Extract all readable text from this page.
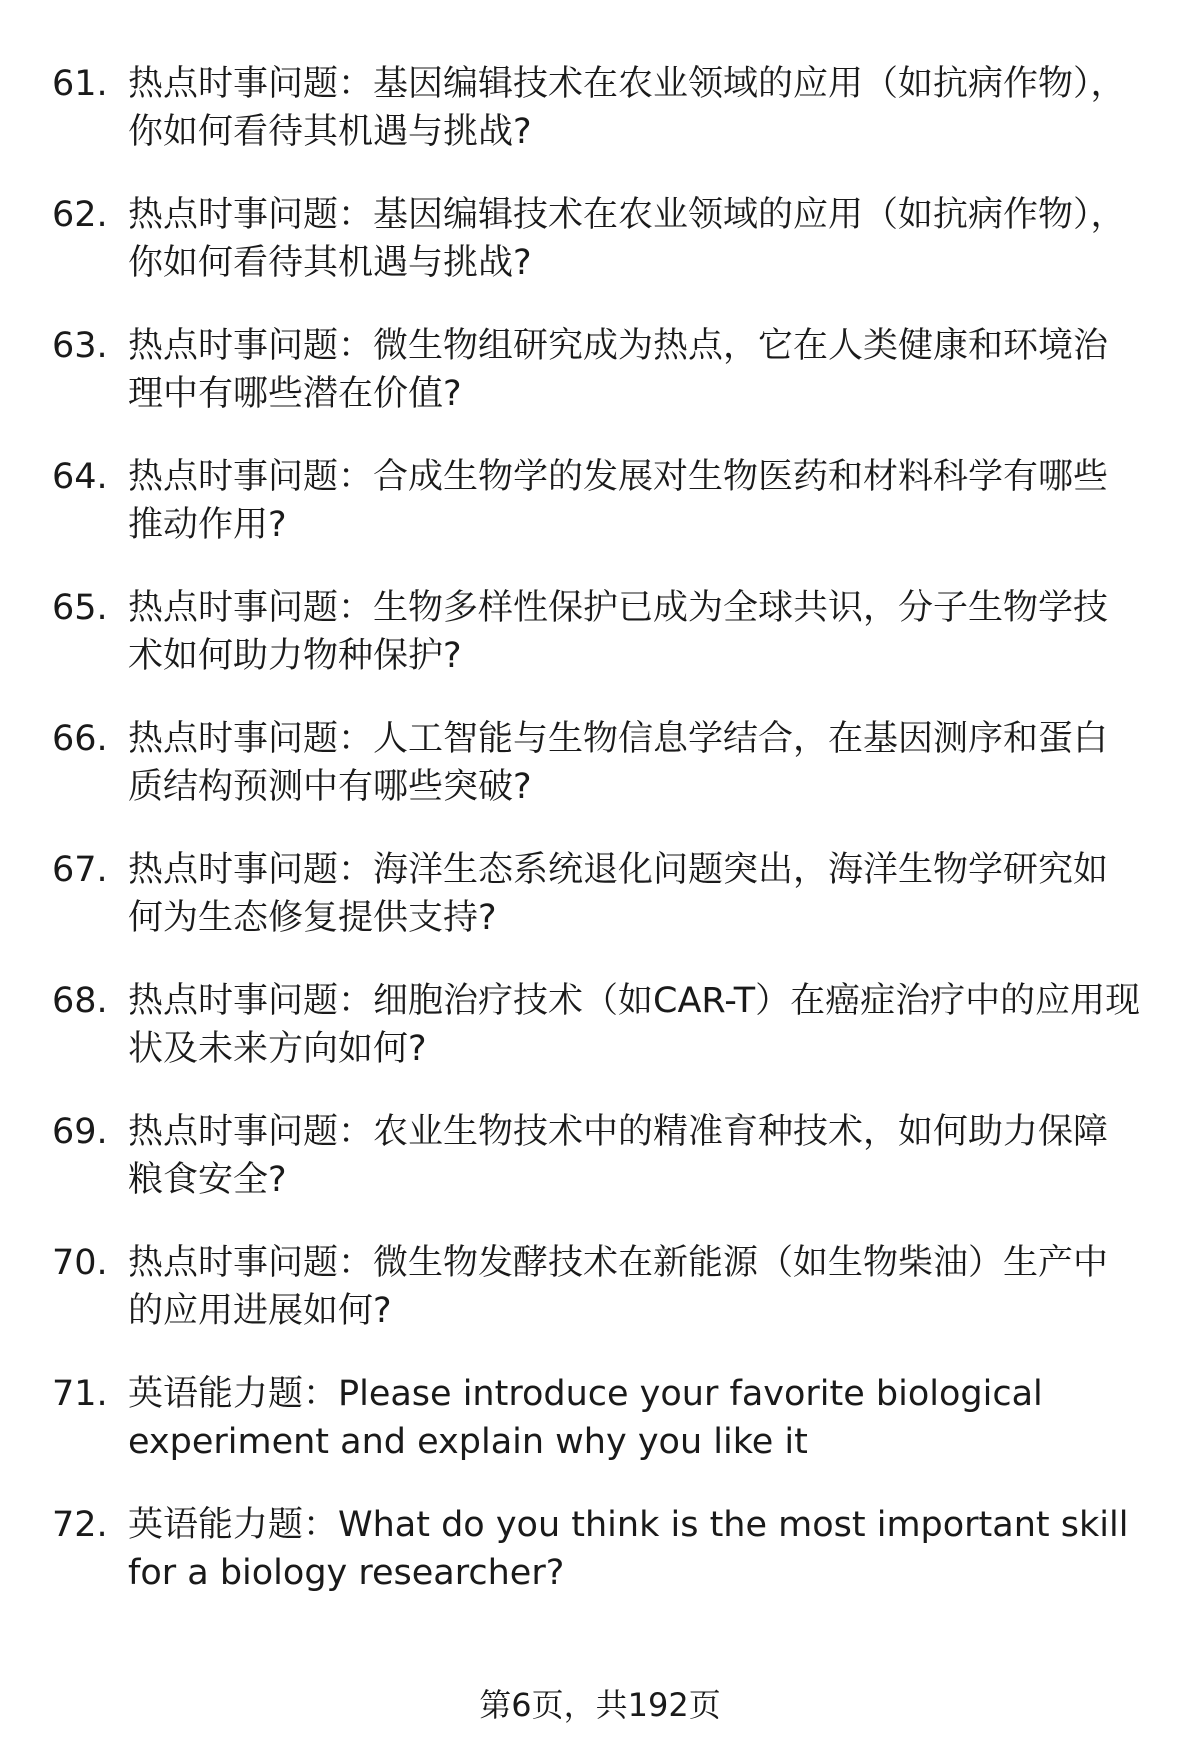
61. 热点时事问题：基因编辑技术在农业领域的应用（如抗病作物），你如何看待其机遇与挑战?
62. 热点时事问题：基因编辑技术在农业领域的应用（如抗病作物），你如何看待其机遇与挑战?
63. 热点时事问题：微生物组研究成为热点，它在人类健康和环境治理中有哪些潜在价值?
64. 热点时事问题：合成生物学的发展对生物医药和材料科学有哪些推动作用?
65. 热点时事问题：生物多样性保护已成为全球共识，分子生物学技术如何助力物种保护?
66. 热点时事问题：人工智能与生物信息学结合，在基因测序和蛋白质结构预测中有哪些突破?
67. 热点时事问题：海洋生态系统退化问题突出，海洋生物学研究如何为生态修复提供支持?
68. 热点时事问题：细胞治疗技术（如CAR-T）在癌症治疗中的应用现状及未来方向如何?
69. 热点时事问题：农业生物技术中的精准育种技术，如何助力保障粮食安全?
70. 热点时事问题：微生物发酵技术在新能源（如生物柴油）生产中的应用进展如何?
71. 英语能力题：Please introduce your favorite biological experiment and explain why you like it
72. 英语能力题：What do you think is the most important skill for a biology researcher?
第6页，共192页
